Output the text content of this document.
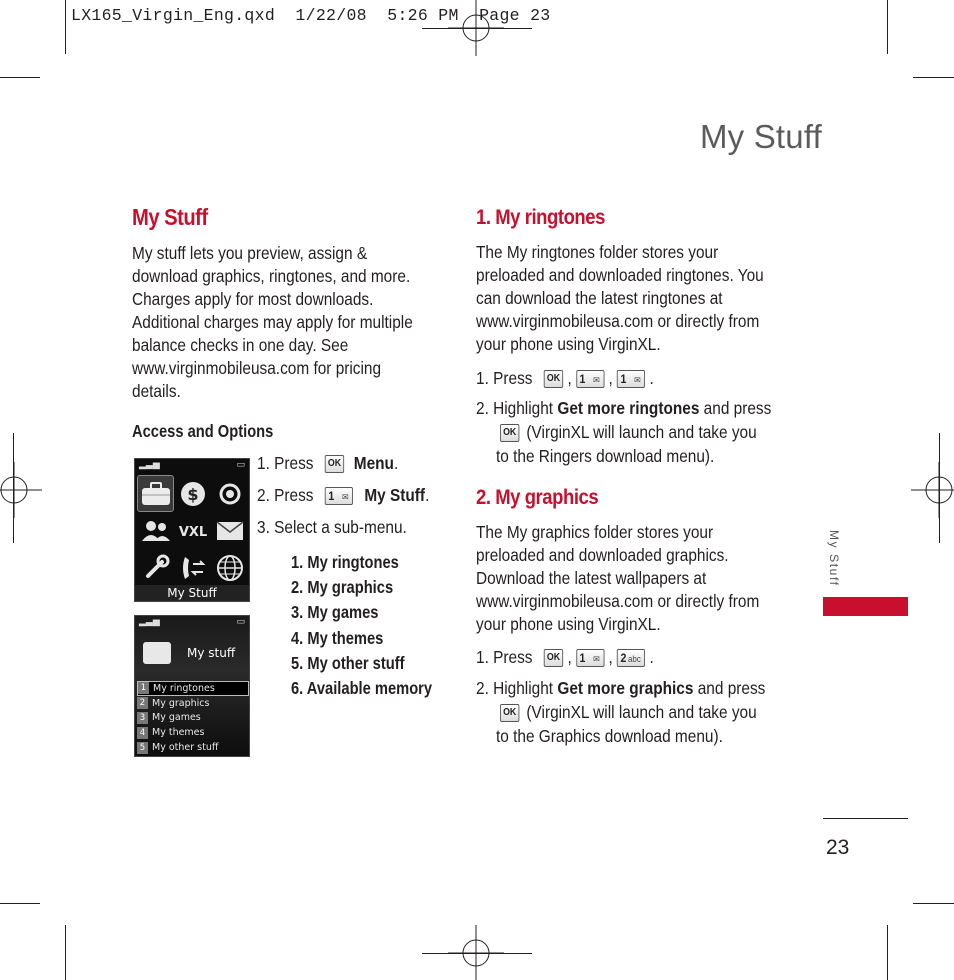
LX165_Virgin_Eng.qxd  1/22/08  5:26 PM  Page 23
My Stuff
My Stuff
My stuff lets you preview, assign &
download graphics, ringtones, and more.
Charges apply for most downloads.
Additional charges may apply for multiple
balance checks in one day. See
www.virginmobileusa.com for pricing
details.
Access and Options
1. Press OK Menu.
2. Press 1 ✉ My Stuff.
3. Select a sub-menu.
1. My ringtones
2. My graphics
3. My games
4. My themes
5. My other stuff
6. Available memory
▂▃▅	▭
$
VXL
My Stuff
▂▃▅	▭
My stuff
1 My ringtones
2 My graphics
3 My games
4 My themes
5 My other stuff
1. My ringtones
The My ringtones folder stores your
preloaded and downloaded ringtones. You
can download the latest ringtones at
www.virginmobileusa.com or directly from
your phone using VirginXL.
1. Press OK , 1 ✉ , 1 ✉ .
2. Highlight Get more ringtones and press
OK (VirginXL will launch and take you
to the Ringers download menu).
2. My graphics
The My graphics folder stores your
preloaded and downloaded graphics.
Download the latest wallpapers at
www.virginmobileusa.com or directly from
your phone using VirginXL.
1. Press OK , 1 ✉ , 2 abc .
2. Highlight Get more graphics and press
OK (VirginXL will launch and take you
to the Graphics download menu).
My Stuff
23
